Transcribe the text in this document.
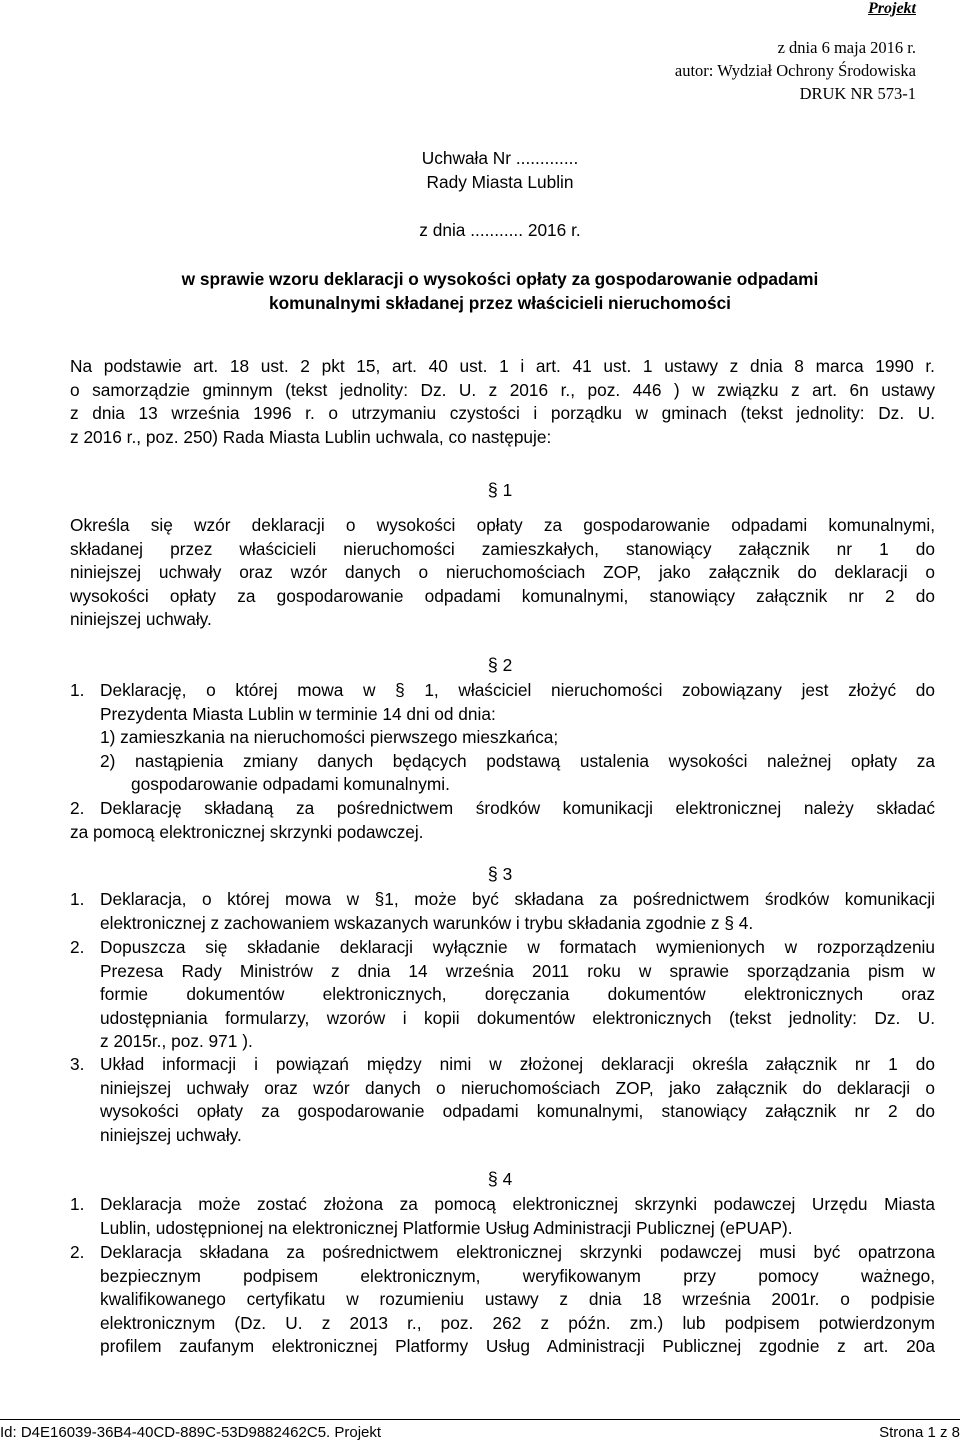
Projekt
z dnia 6 maja 2016 r.
autor: Wydział Ochrony Środowiska
DRUK NR 573-1
Uchwała Nr .............
Rady Miasta Lublin
z dnia ........... 2016 r.
w sprawie wzoru deklaracji o wysokości opłaty za gospodarowanie odpadami
komunalnymi składanej przez właścicieli nieruchomości
Na podstawie art. 18 ust. 2 pkt 15, art. 40 ust. 1 i art. 41 ust. 1 ustawy z dnia 8 marca 1990 r.
o samorządzie gminnym (tekst jednolity: Dz. U. z 2016 r., poz. 446 ) w związku z art. 6n ustawy
z dnia 13 września 1996 r. o utrzymaniu czystości i porządku w gminach (tekst jednolity: Dz. U.
z 2016 r., poz. 250) Rada Miasta Lublin uchwala, co następuje:
§ 1
Określa się wzór deklaracji o wysokości opłaty za gospodarowanie odpadami komunalnymi,
składanej przez właścicieli nieruchomości zamieszkałych, stanowiący załącznik nr 1 do
niniejszej uchwały oraz wzór danych o nieruchomościach ZOP, jako załącznik do deklaracji o
wysokości opłaty za gospodarowanie odpadami komunalnymi, stanowiący załącznik nr 2 do
niniejszej uchwały.
§ 2
1. Deklarację, o której mowa w § 1, właściciel nieruchomości zobowiązany jest złożyć do
Prezydenta Miasta Lublin w terminie 14 dni od dnia:
1) zamieszkania na nieruchomości pierwszego mieszkańca;
2) nastąpienia zmiany danych będących podstawą ustalenia wysokości należnej opłaty za
gospodarowanie odpadami komunalnymi.
2. Deklarację składaną za pośrednictwem środków komunikacji elektronicznej należy składać
za pomocą elektronicznej skrzynki podawczej.
§ 3
1. Deklaracja, o której mowa w §1, może być składana za pośrednictwem środków komunikacji
elektronicznej z zachowaniem wskazanych warunków i trybu składania zgodnie z § 4.
2. Dopuszcza się składanie deklaracji wyłącznie w formatach wymienionych w rozporządzeniu
Prezesa Rady Ministrów z dnia 14 września 2011 roku w sprawie sporządzania pism w
formie dokumentów elektronicznych, doręczania dokumentów elektronicznych oraz
udostępniania formularzy, wzorów i kopii dokumentów elektronicznych (tekst jednolity: Dz. U.
z 2015r., poz. 971 ).
3. Układ informacji i powiązań między nimi w złożonej deklaracji określa załącznik nr 1 do
niniejszej uchwały oraz wzór danych o nieruchomościach ZOP, jako załącznik do deklaracji o
wysokości opłaty za gospodarowanie odpadami komunalnymi, stanowiący załącznik nr 2 do
niniejszej uchwały.
§ 4
1. Deklaracja może zostać złożona za pomocą elektronicznej skrzynki podawczej Urzędu Miasta
Lublin, udostępnionej na elektronicznej Platformie Usług Administracji Publicznej (ePUAP).
2. Deklaracja składana za pośrednictwem elektronicznej skrzynki podawczej musi być opatrzona
bezpiecznym podpisem elektronicznym, weryfikowanym przy pomocy ważnego,
kwalifikowanego certyfikatu w rozumieniu ustawy z dnia 18 września 2001r. o podpisie
elektronicznym (Dz. U. z 2013 r., poz. 262 z późn. zm.) lub podpisem potwierdzonym
profilem zaufanym elektronicznej Platformy Usług Administracji Publicznej zgodnie z art. 20a
Id: D4E16039-36B4-40CD-889C-53D9882462C5. Projekt	Strona 1 z 8
